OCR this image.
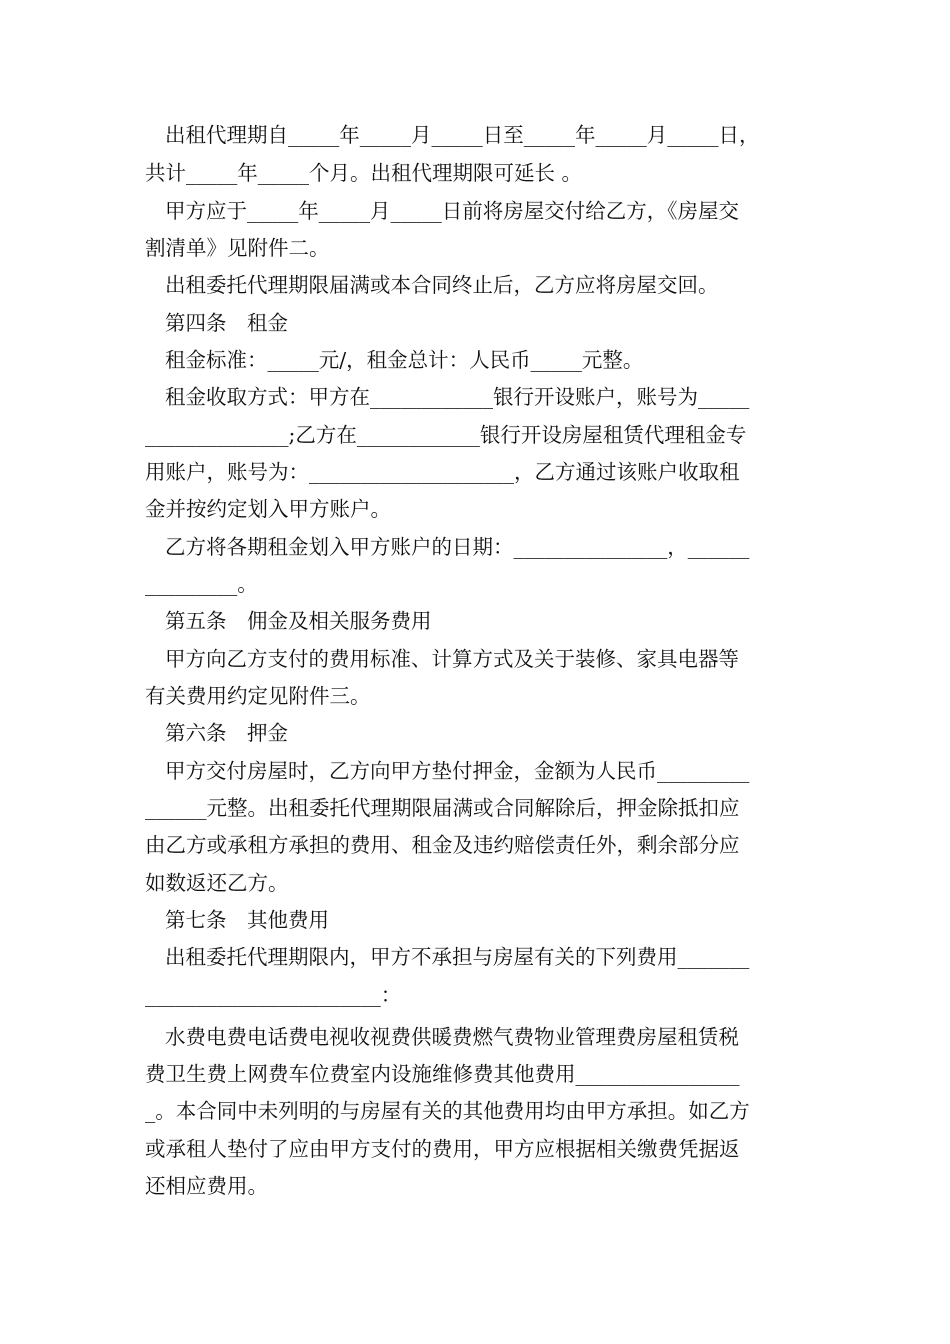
出租代理期自_____年_____月_____日至_____年_____月_____日，
共计_____年_____个月。出租代理期限可延长 。
甲方应于_____年_____月_____日前将房屋交付给乙方，《房屋交
割清单》见附件二。
出租委托代理期限届满或本合同终止后，乙方应将房屋交回。
第四条　租金
租金标准：_____元/，租金总计：人民币_____元整。
租金收取方式：甲方在____________银行开设账户，账号为_____
______________;乙方在____________银行开设房屋租赁代理租金专
用账户，账号为：____________________，乙方通过该账户收取租
金并按约定划入甲方账户。
乙方将各期租金划入甲方账户的日期：_______________，______
_________。
第五条　佣金及相关服务费用
甲方向乙方支付的费用标准、计算方式及关于装修、家具电器等
有关费用约定见附件三。
第六条　押金
甲方交付房屋时，乙方向甲方垫付押金，金额为人民币_________
______元整。出租委托代理期限届满或合同解除后，押金除抵扣应
由乙方或承租方承担的费用、租金及违约赔偿责任外，剩余部分应
如数返还乙方。
第七条　其他费用
出租委托代理期限内，甲方不承担与房屋有关的下列费用_______
_______________________：
水费电费电话费电视收视费供暖费燃气费物业管理费房屋租赁税
费卫生费上网费车位费室内设施维修费其他费用________________
_。本合同中未列明的与房屋有关的其他费用均由甲方承担。如乙方
或承租人垫付了应由甲方支付的费用，甲方应根据相关缴费凭据返
还相应费用。
